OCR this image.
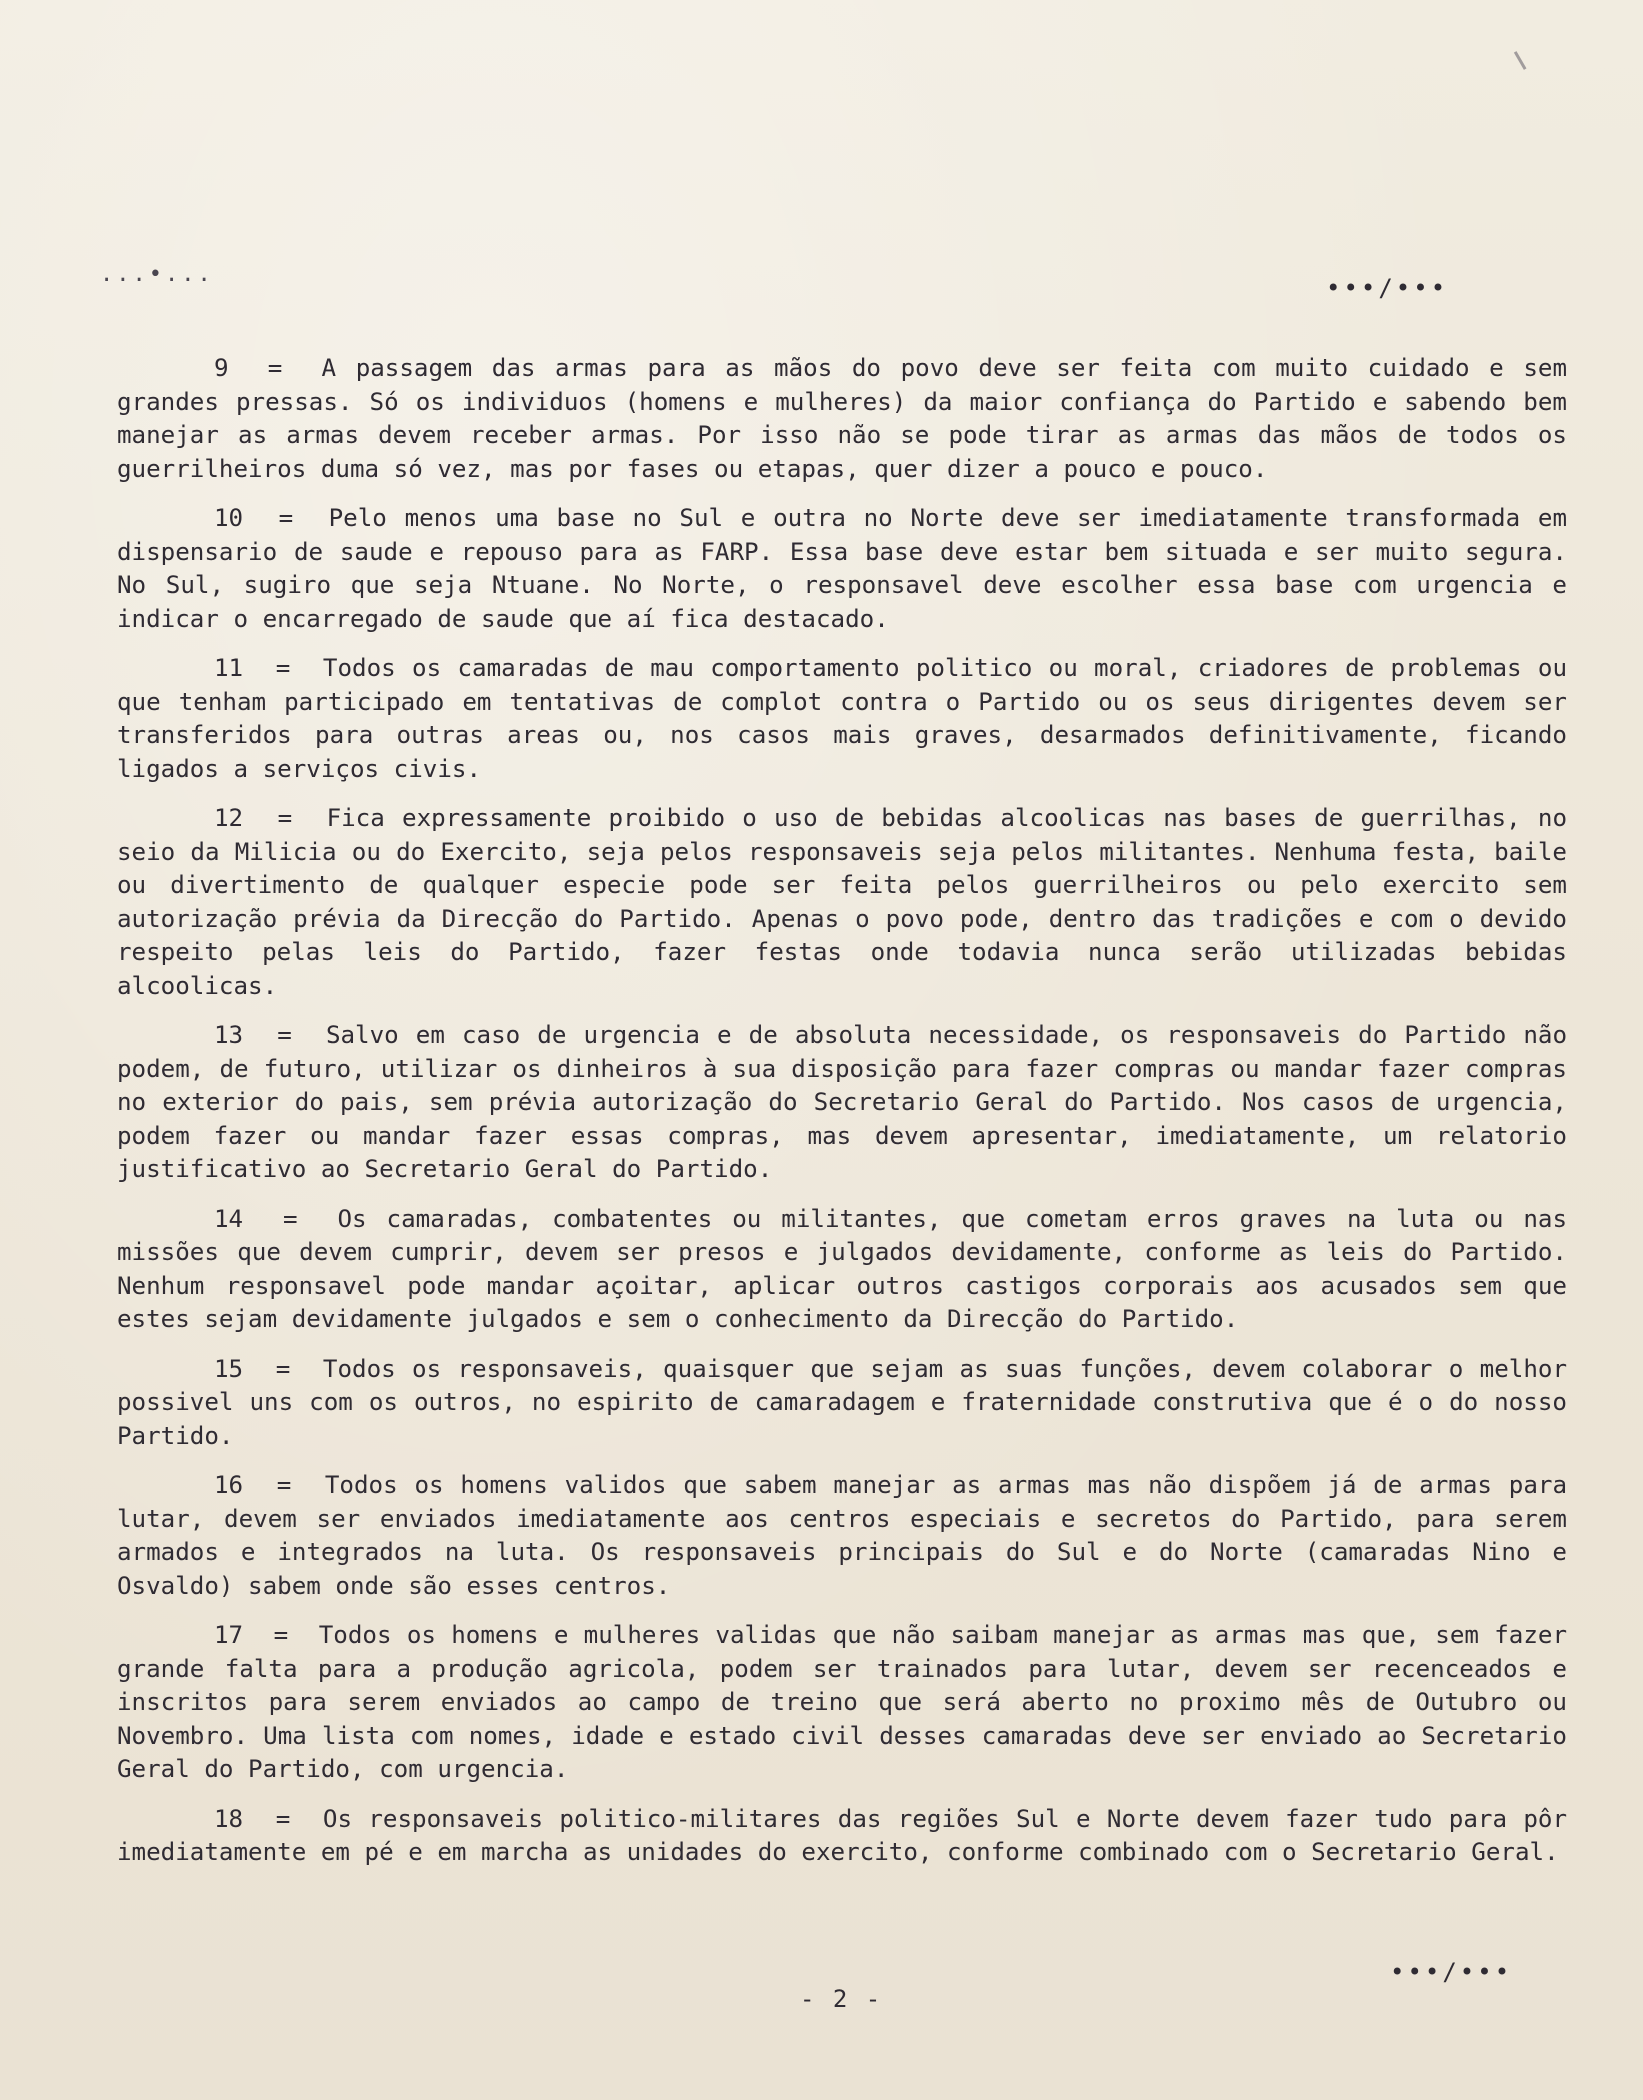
...•...	•••/•••

9 = A passagem das armas para as mãos do povo deve ser feita com muito cuidado e sem grandes pressas. Só os individuos (homens e mulheres) da maior confiança do Partido e sabendo bem manejar as armas devem receber armas. Por isso não se pode tirar as armas das mãos de todos os guerrilheiros duma só vez, mas por fases ou etapas, quer dizer a pouco e pouco.

10 = Pelo menos uma base no Sul e outra no Norte deve ser imediatamente transformada em dispensario de saude e repouso para as FARP. Essa base deve estar bem situada e ser muito segura. No Sul, sugiro que seja Ntuane. No Norte, o responsavel deve escolher essa base com urgencia e indicar o encarregado de saude que aí fica destacado.

11 = Todos os camaradas de mau comportamento politico ou moral, criadores de problemas ou que tenham participado em tentativas de complot contra o Partido ou os seus dirigentes devem ser transferidos para outras areas ou, nos casos mais graves, desarmados definitivamente, ficando ligados a serviços civis.

12 = Fica expressamente proibido o uso de bebidas alcoolicas nas bases de guerrilhas, no seio da Milicia ou do Exercito, seja pelos responsaveis seja pelos militantes. Nenhuma festa, baile ou divertimento de qualquer especie pode ser feita pelos guerrilheiros ou pelo exercito sem autorização prévia da Direcção do Partido. Apenas o povo pode, dentro das tradições e com o devido respeito pelas leis do Partido, fazer festas onde todavia nunca serão utilizadas bebidas alcoolicas.

13 = Salvo em caso de urgencia e de absoluta necessidade, os responsaveis do Partido não podem, de futuro, utilizar os dinheiros à sua disposição para fazer compras ou mandar fazer compras no exterior do pais, sem prévia autorização do Secretario Geral do Partido. Nos casos de urgencia, podem fazer ou mandar fazer essas compras, mas devem apresentar, imediatamente, um relatorio justificativo ao Secretario Geral do Partido.

14 = Os camaradas, combatentes ou militantes, que cometam erros graves na luta ou nas missões que devem cumprir, devem ser presos e julgados devidamente, conforme as leis do Partido. Nenhum responsavel pode mandar açoitar, aplicar outros castigos corporais aos acusados sem que estes sejam devidamente julgados e sem o conhecimento da Direcção do Partido.

15 = Todos os responsaveis, quaisquer que sejam as suas funções, devem colaborar o melhor possivel uns com os outros, no espirito de camaradagem e fraternidade construtiva que é o do nosso Partido.

16 = Todos os homens validos que sabem manejar as armas mas não dispõem já de armas para lutar, devem ser enviados imediatamente aos centros especiais e secretos do Partido, para serem armados e integrados na luta. Os responsaveis principais do Sul e do Norte (camaradas Nino e Osvaldo) sabem onde são esses centros.

17 = Todos os homens e mulheres validas que não saibam manejar as armas mas que, sem fazer grande falta para a produção agricola, podem ser trainados para lutar, devem ser recenceados e inscritos para serem enviados ao campo de treino que será aberto no proximo mês de Outubro ou Novembro. Uma lista com nomes, idade e estado civil desses camaradas deve ser enviado ao Secretario Geral do Partido, com urgencia.

18 = Os responsaveis politico-militares das regiões Sul e Norte devem fazer tudo para pôr imediatamente em pé e em marcha as unidades do exercito, conforme combinado com o Secretario Geral.

•••/•••
- 2 -
